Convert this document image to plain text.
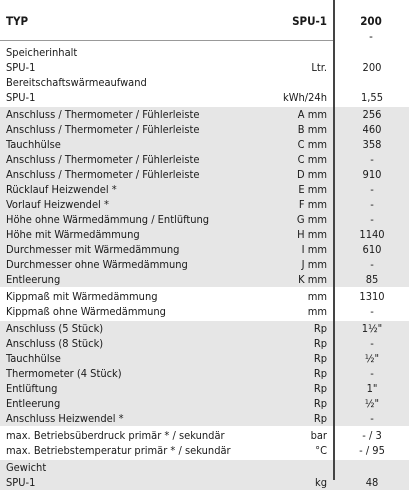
TYP	SPU-1	200
-
Speicherinhalt
SPU-1	Ltr.	200
Bereitschaftswärmeaufwand
SPU-1	kWh/24h	1,55
Anschluss / Thermometer / Fühlerleiste	A mm	256
Anschluss / Thermometer / Fühlerleiste	B mm	460
Tauchhülse	C mm	358
Anschluss / Thermometer / Fühlerleiste	C mm	-
Anschluss / Thermometer / Fühlerleiste	D mm	910
Rücklauf Heizwendel *	E mm	-
Vorlauf Heizwendel *	F mm	-
Höhe ohne Wärmedämmung / Entlüftung	G mm	-
Höhe mit Wärmedämmung	H mm	1140
Durchmesser mit Wärmedämmung	I mm	610
Durchmesser ohne Wärmedämmung	J mm	-
Entleerung	K mm	85
Kippmaß mit Wärmedämmung	mm	1310
Kippmaß ohne Wärmedämmung	mm	-
Anschluss (5 Stück)	Rp	1½"
Anschluss (8 Stück)	Rp	-
Tauchhülse	Rp	½"
Thermometer (4 Stück)	Rp	-
Entlüftung	Rp	1"
Entleerung	Rp	½"
Anschluss Heizwendel *	Rp	-
max. Betriebsüberdruck primär * / sekundär	bar	- / 3
max. Betriebstemperatur primär * / sekundär	°C	- / 95
Gewicht
SPU-1	kg	48
